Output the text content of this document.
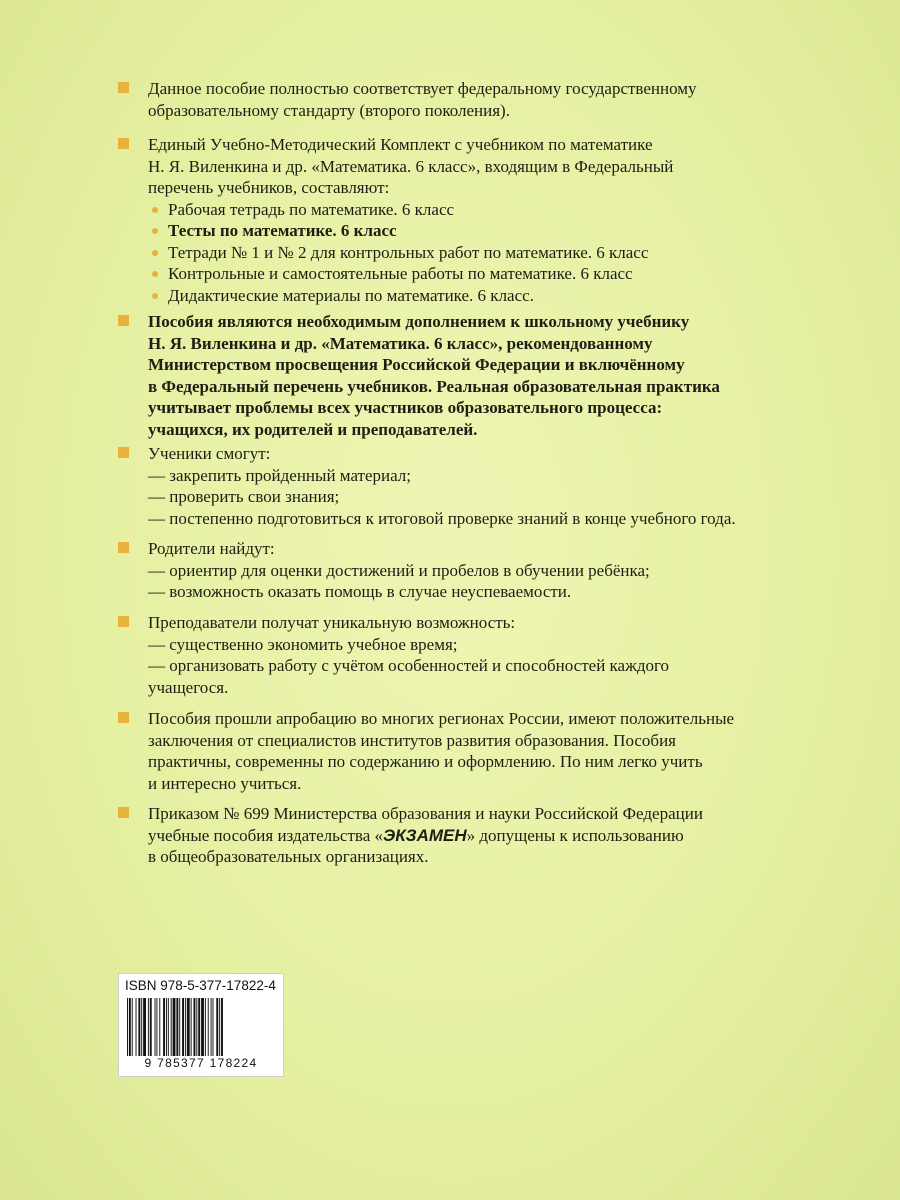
Данное пособие полностью соответствует федеральному государственному
образовательному стандарту (второго поколения).
Единый Учебно-Методический Комплект с учебником по математике
Н. Я. Виленкина и др. «Математика. 6 класс», входящим в Федеральный
перечень учебников, составляют:
Рабочая тетрадь по математике. 6 класс
Тесты по математике. 6 класс
Тетради № 1 и № 2 для контрольных работ по математике. 6 класс
Контрольные и самостоятельные работы по математике. 6 класс
Дидактические материалы по математике. 6 класс.
Пособия являются необходимым дополнением к школьному учебнику
Н. Я. Виленкина и др. «Математика. 6 класс», рекомендованному
Министерством просвещения Российской Федерации и включённому
в Федеральный перечень учебников. Реальная образовательная практика
учитывает проблемы всех участников образовательного процесса:
учащихся, их родителей и преподавателей.
Ученики смогут:
— закрепить пройденный материал;
— проверить свои знания;
— постепенно подготовиться к итоговой проверке знаний в конце учебного года.
Родители найдут:
— ориентир для оценки достижений и пробелов в обучении ребёнка;
— возможность оказать помощь в случае неуспеваемости.
Преподаватели получат уникальную возможность:
— существенно экономить учебное время;
— организовать работу с учётом особенностей и способностей каждого
учащегося.
Пособия прошли апробацию во многих регионах России, имеют положительные
заключения от специалистов институтов развития образования. Пособия
практичны, современны по содержанию и оформлению. По ним легко учить
и интересно учиться.
Приказом № 699 Министерства образования и науки Российской Федерации
учебные пособия издательства «ЭКЗАМЕН» допущены к использованию
в общеобразовательных организациях.
ISBN 978-5-377-17822-4
9 785377 178224
